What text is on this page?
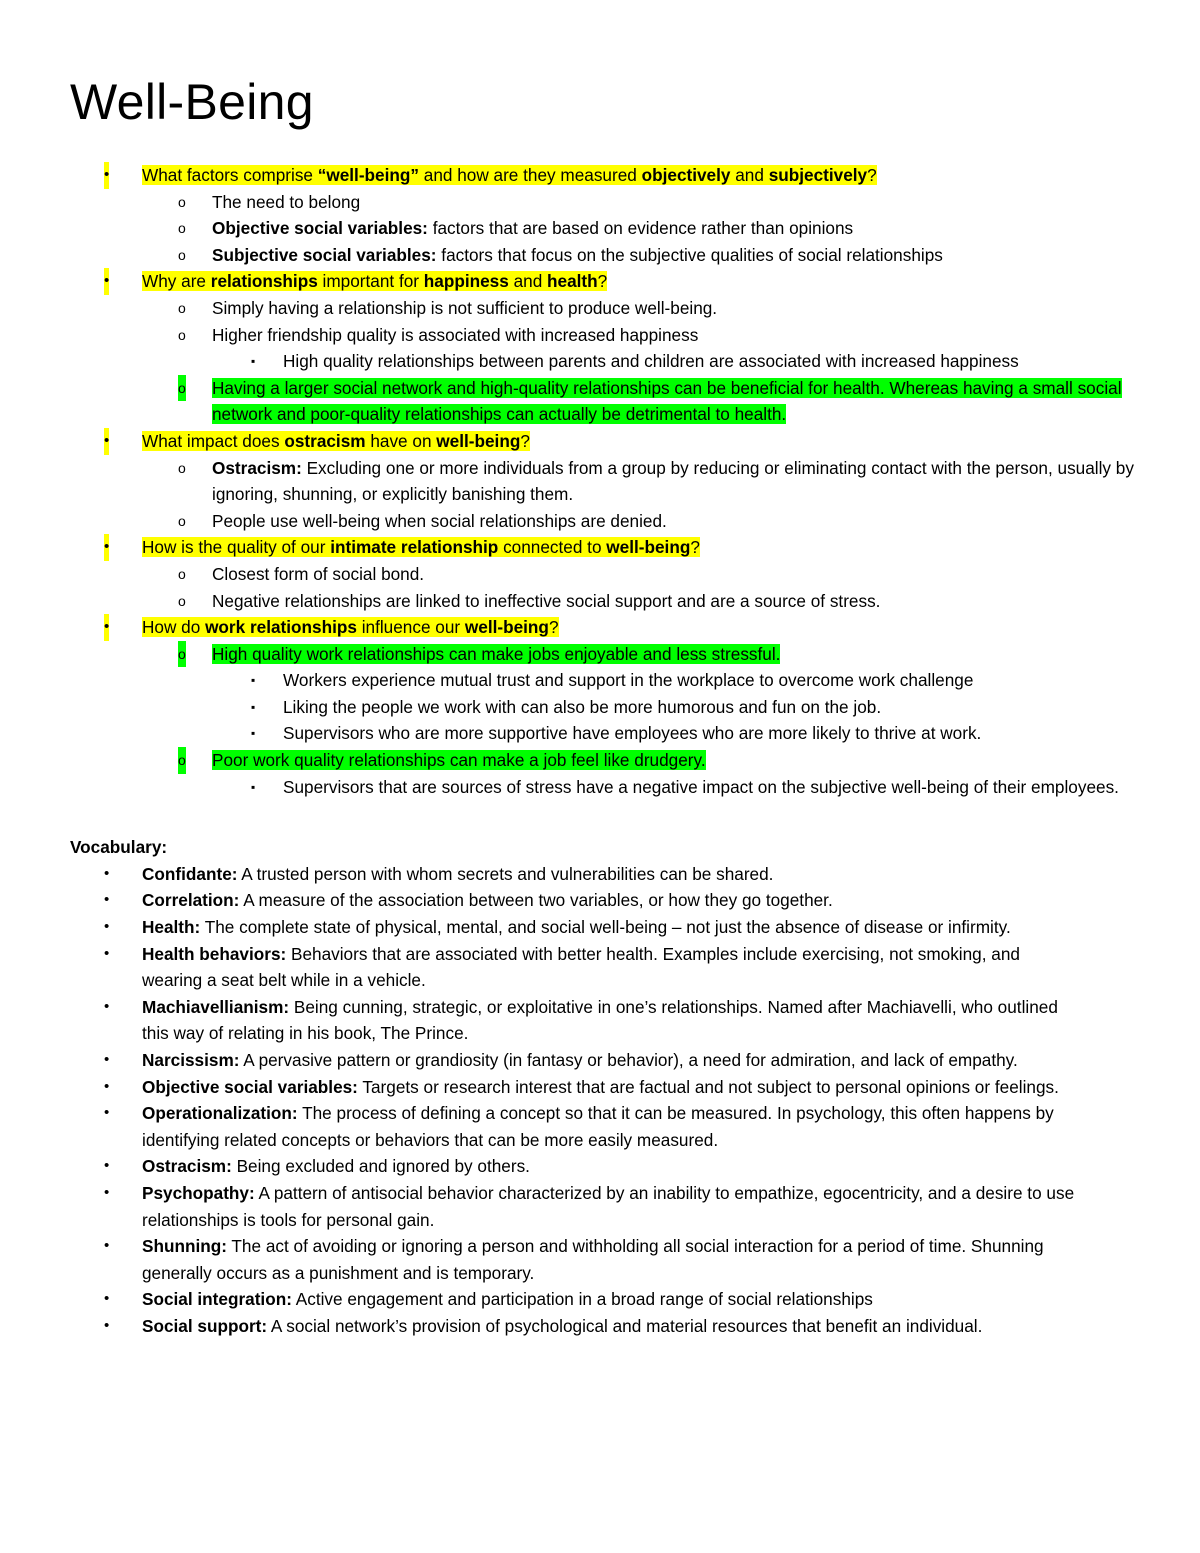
Well-Being
• What factors comprise “well-being” and how are they measured objectively and subjectively?
o The need to belong
o Objective social variables: factors that are based on evidence rather than opinions
o Subjective social variables: factors that focus on the subjective qualities of social relationships
• Why are relationships important for happiness and health?
o Simply having a relationship is not sufficient to produce well-being.
o Higher friendship quality is associated with increased happiness
▪ High quality relationships between parents and children are associated with increased happiness
o Having a larger social network and high-quality relationships can be beneficial for health. Whereas having a small social network and poor-quality relationships can actually be detrimental to health.
• What impact does ostracism have on well-being?
o Ostracism: Excluding one or more individuals from a group by reducing or eliminating contact with the person, usually by ignoring, shunning, or explicitly banishing them.
o People use well-being when social relationships are denied.
• How is the quality of our intimate relationship connected to well-being?
o Closest form of social bond.
o Negative relationships are linked to ineffective social support and are a source of stress.
• How do work relationships influence our well-being?
o High quality work relationships can make jobs enjoyable and less stressful.
▪ Workers experience mutual trust and support in the workplace to overcome work challenge
▪ Liking the people we work with can also be more humorous and fun on the job.
▪ Supervisors who are more supportive have employees who are more likely to thrive at work.
o Poor work quality relationships can make a job feel like drudgery.
▪ Supervisors that are sources of stress have a negative impact on the subjective well-being of their employees.
Vocabulary:
• Confidante: A trusted person with whom secrets and vulnerabilities can be shared.
• Correlation: A measure of the association between two variables, or how they go together.
• Health: The complete state of physical, mental, and social well-being – not just the absence of disease or infirmity.
• Health behaviors: Behaviors that are associated with better health. Examples include exercising, not smoking, and wearing a seat belt while in a vehicle.
• Machiavellianism: Being cunning, strategic, or exploitative in one’s relationships. Named after Machiavelli, who outlined this way of relating in his book, The Prince.
• Narcissism: A pervasive pattern or grandiosity (in fantasy or behavior), a need for admiration, and lack of empathy.
• Objective social variables: Targets or research interest that are factual and not subject to personal opinions or feelings.
• Operationalization: The process of defining a concept so that it can be measured. In psychology, this often happens by identifying related concepts or behaviors that can be more easily measured.
• Ostracism: Being excluded and ignored by others.
• Psychopathy: A pattern of antisocial behavior characterized by an inability to empathize, egocentricity, and a desire to use relationships is tools for personal gain.
• Shunning: The act of avoiding or ignoring a person and withholding all social interaction for a period of time. Shunning generally occurs as a punishment and is temporary.
• Social integration: Active engagement and participation in a broad range of social relationships
• Social support: A social network’s provision of psychological and material resources that benefit an individual.
